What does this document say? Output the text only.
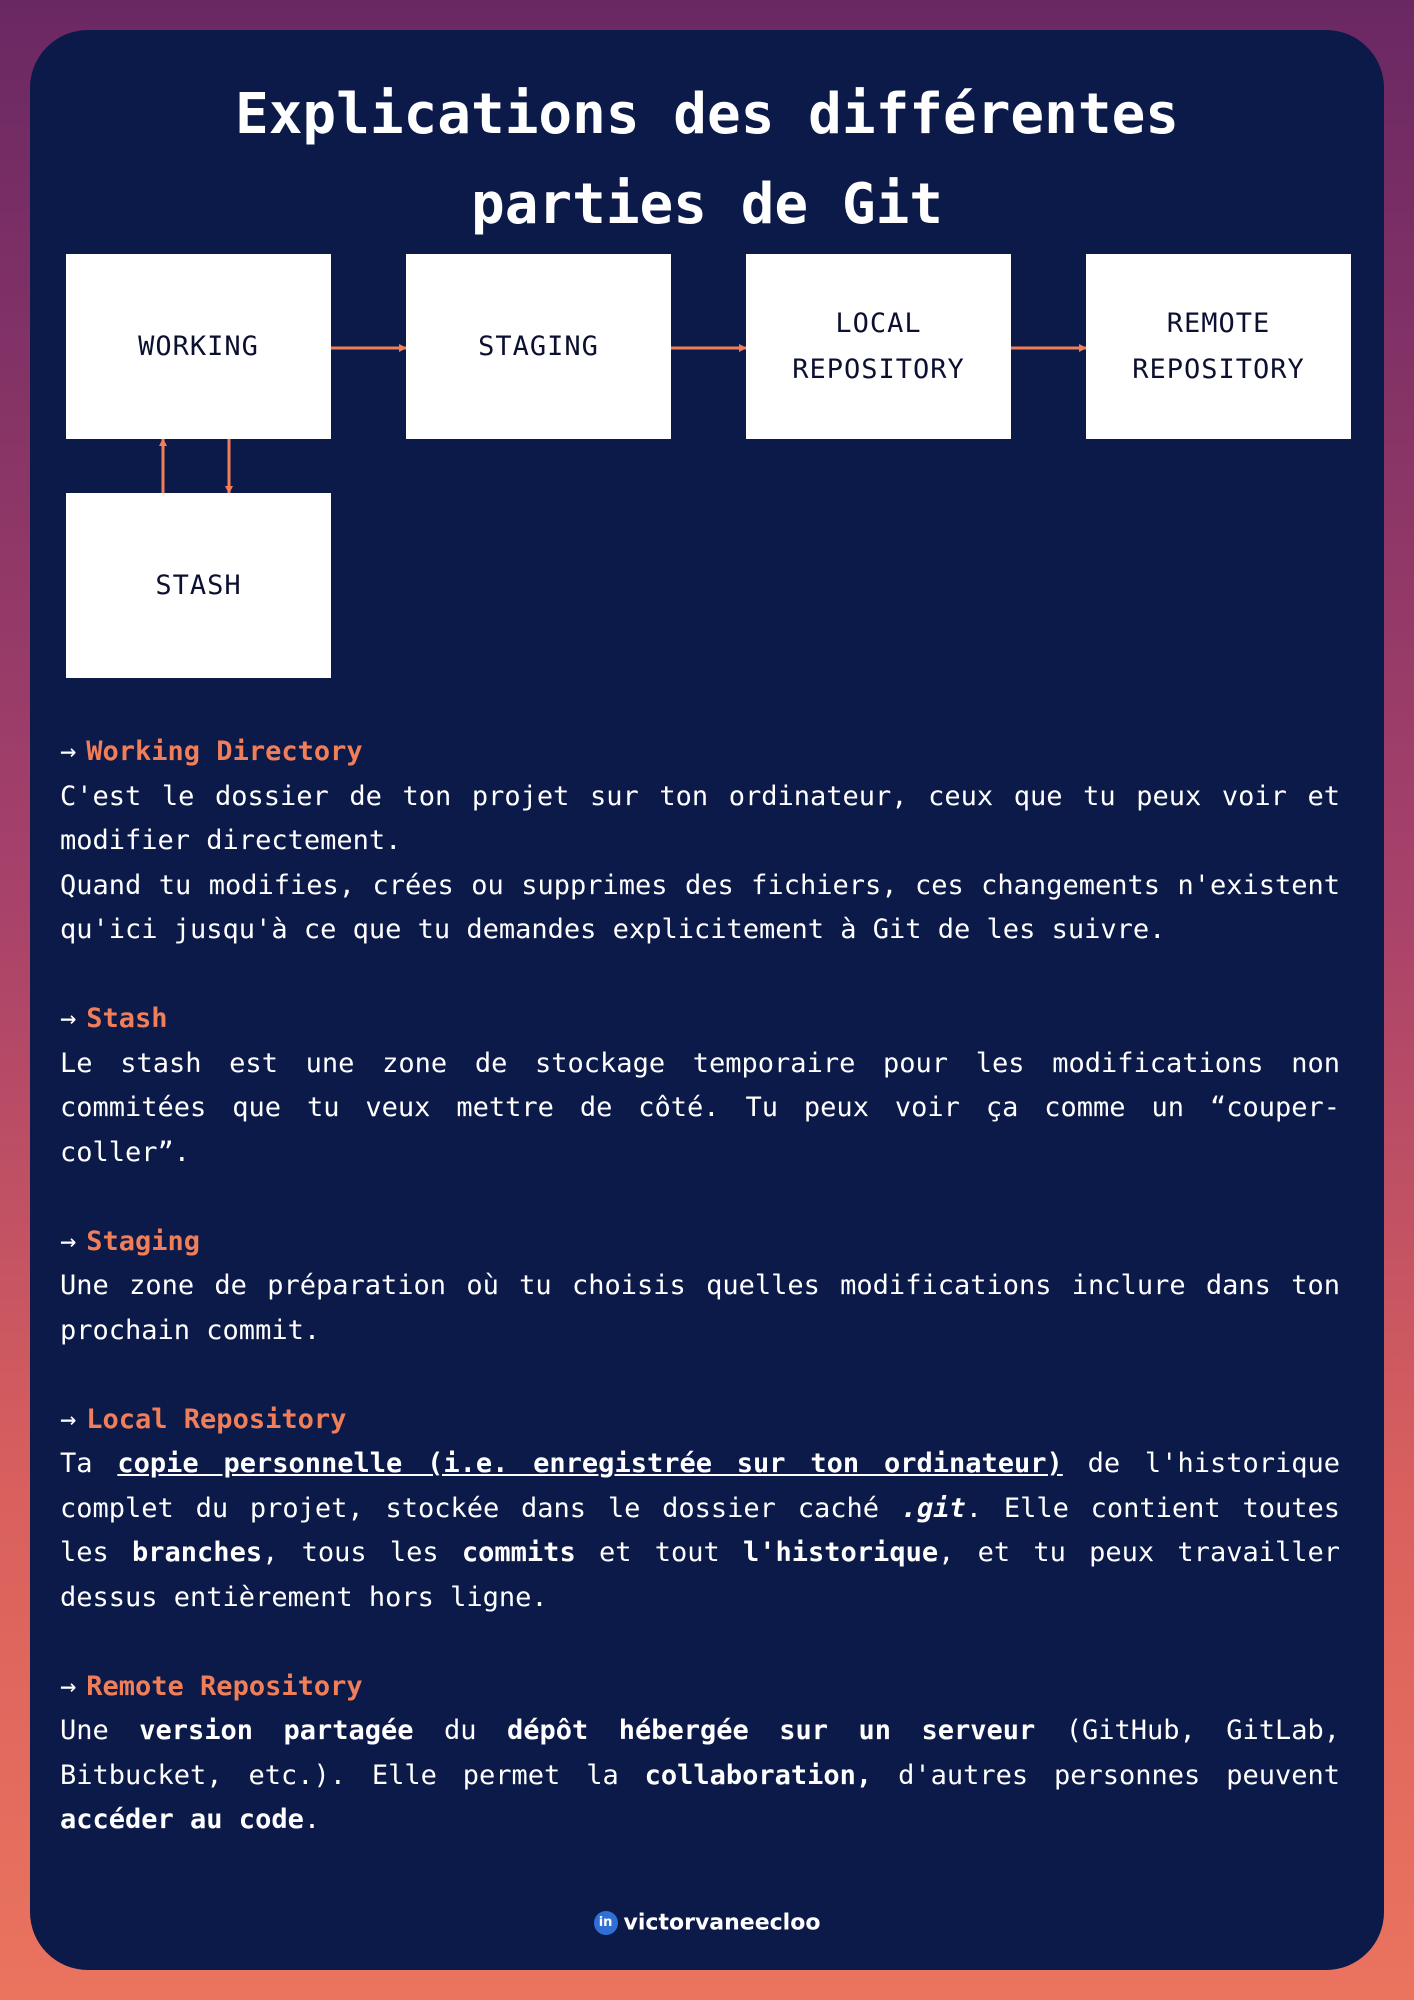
Explications des différentes
parties de Git
WORKING	STAGING
LOCAL
REPOSITORY
REMOTE
REPOSITORY
STASH

→ Working Directory

C'est le dossier de ton projet sur ton ordinateur, ceux que tu peux voir et modifier directement.

Quand tu modifies, crées ou supprimes des fichiers, ces changements n'existent qu'ici jusqu'à ce que tu demandes explicitement à Git de les suivre.

→ Stash

Le stash est une zone de stockage temporaire pour les modifications non commitées que tu veux mettre de côté. Tu peux voir ça comme un “couper-coller”.

→ Staging

Une zone de préparation où tu choisis quelles modifications inclure dans ton prochain commit.

→ Local Repository

Ta copie personnelle (i.e. enregistrée sur ton ordinateur) de l'historique complet du projet, stockée dans le dossier caché .git. Elle contient toutes les branches, tous les commits et tout l'historique, et tu peux travailler dessus entièrement hors ligne.

→ Remote Repository

Une version partagée du dépôt hébergée sur un serveur (GitHub, GitLab, Bitbucket, etc.). Elle permet la collaboration, d'autres personnes peuvent accéder au code.

in victorvaneecloo
